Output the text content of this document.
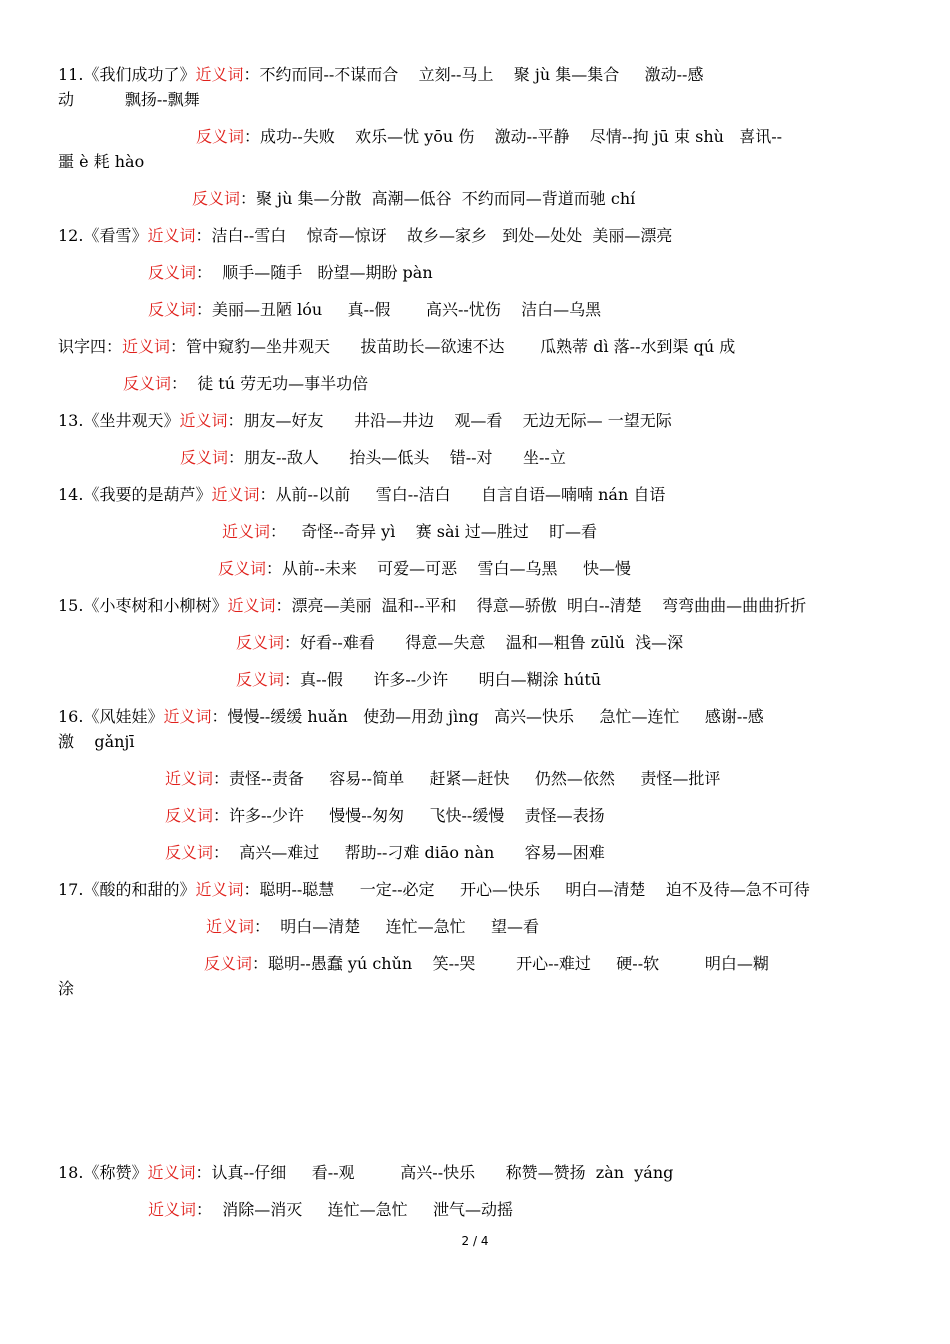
11.《我们成功了》近义词：不约而同--不谋而合    立刻--马上    聚 jù 集—集合     激动--感
动          飘扬--飘舞
反义词：成功--失败    欢乐—忧 yōu 伤    激动--平静    尽情--拘 jū 束 shù   喜讯--
噩 è 耗 hào
反义词：聚 jù 集—分散  高潮—低谷  不约而同—背道而驰 chí
12.《看雪》近义词：洁白--雪白    惊奇—惊讶    故乡—家乡   到处—处处  美丽—漂亮
反义词：  顺手—随手   盼望—期盼 pàn
反义词：美丽—丑陋 lóu     真--假       高兴--忧伤    洁白—乌黑
识字四：近义词：管中窥豹—坐井观天      拔苗助长—欲速不达       瓜熟蒂 dì 落--水到渠 qú 成
反义词：  徒 tú 劳无功—事半功倍
13.《坐井观天》近义词：朋友—好友      井沿—井边    观—看    无边无际— 一望无际
反义词：朋友--敌人      抬头—低头    错--对      坐--立
14.《我要的是葫芦》近义词：从前--以前     雪白--洁白      自言自语—喃喃 nán 自语
近义词：   奇怪--奇异 yì    赛 sài 过—胜过    盯—看
反义词：从前--未来    可爱—可恶    雪白—乌黑     快—慢
15.《小枣树和小柳树》近义词：漂亮—美丽  温和--平和    得意—骄傲  明白--清楚    弯弯曲曲—曲曲折折
反义词：好看--难看      得意—失意    温和—粗鲁 zūlǔ  浅—深
反义词：真--假      许多--少许      明白—糊涂 hútū
16.《风娃娃》近义词：慢慢--缓缓 huǎn   使劲—用劲 jìng   高兴—快乐     急忙—连忙     感谢--感
激    gǎnjī
近义词：责怪--责备     容易--简单     赶紧—赶快     仍然—依然     责怪—批评
反义词：许多--少许     慢慢--匆匆     飞快--缓慢    责怪—表扬
反义词：  高兴—难过     帮助--刁难 diāo nàn      容易—困难
17.《酸的和甜的》近义词：聪明--聪慧     一定--必定     开心—快乐     明白—清楚    迫不及待—急不可待
近义词：  明白—清楚     连忙—急忙     望—看
反义词：聪明--愚蠢 yú chǔn    笑--哭        开心--难过     硬--软         明白—糊
涂
18.《称赞》近义词：认真--仔细     看--观         高兴--快乐      称赞—赞扬  zàn  yáng
近义词：  消除—消灭     连忙—急忙     泄气—动摇
2 / 4
